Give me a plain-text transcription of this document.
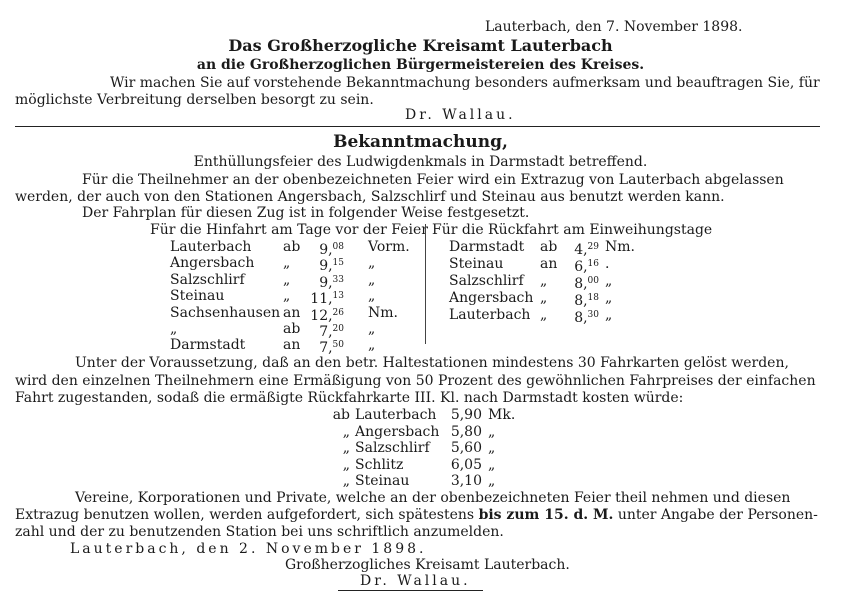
Lauterbach, den 7. November 1898.
Das Großherzogliche Kreisamt Lauterbach
an die Großherzoglichen Bürgermeistereien des Kreises.
Wir machen Sie auf vorstehende Bekanntmachung besonders aufmerksam und beauftragen Sie, für
möglichste Verbreitung derselben besorgt zu sein.
Dr. Wallau.
Bekanntmachung,
Enthüllungsfeier des Ludwigdenkmals in Darmstadt betreffend.
Für die Theilnehmer an der obenbezeichneten Feier wird ein Extrazug von Lauterbach abgelassen
werden, der auch von den Stationen Angersbach, Salzschlirf und Steinau aus benutzt werden kann.
Der Fahrplan für diesen Zug ist in folgender Weise festgesetzt.
Für die Hinfahrt am Tage vor der Feier Für die Rückfahrt am Einweihungstage
Lauterbach ab	9,08 Vorm.
Angersbach „	9,15 „
Salzschlirf	„	9,33 „
Steinau	„	11,13 „
Sachsenhausen an 12,26 Nm.
„	ab	7,20 „
Darmstadt	an	7,50 „
Darmstadt ab	4,29 Nm.
Steinau	an	6,16 .
Salzschlirf „	8,00 „
Angersbach „	8,18 „
Lauterbach „	8,30 „
Unter der Voraussetzung, daß an den betr. Haltestationen mindestens 30 Fahrkarten gelöst werden,
wird den einzelnen Theilnehmern eine Ermäßigung von 50 Prozent des gewöhnlichen Fahrpreises der einfachen
Fahrt zugestanden, sodaß die ermäßigte Rückfahrkarte III. Kl. nach Darmstadt kosten würde:
ab Lauterbach	5,90 Mk.
„ Angersbach 5,80 „
„ Salzschlirf	5,60 „
„ Schlitz	6,05 „
„ Steinau	3,10 „
Vereine, Korporationen und Private, welche an der obenbezeichneten Feier theil nehmen und diesen
Extrazug benutzen wollen, werden aufgefordert, sich spätestens bis zum 15. d. M. unter Angabe der Personen-
zahl und der zu benutzenden Station bei uns schriftlich anzumelden.
Lauterbach, den 2. November 1898.
Großherzogliches Kreisamt Lauterbach.
Dr. Wallau.
